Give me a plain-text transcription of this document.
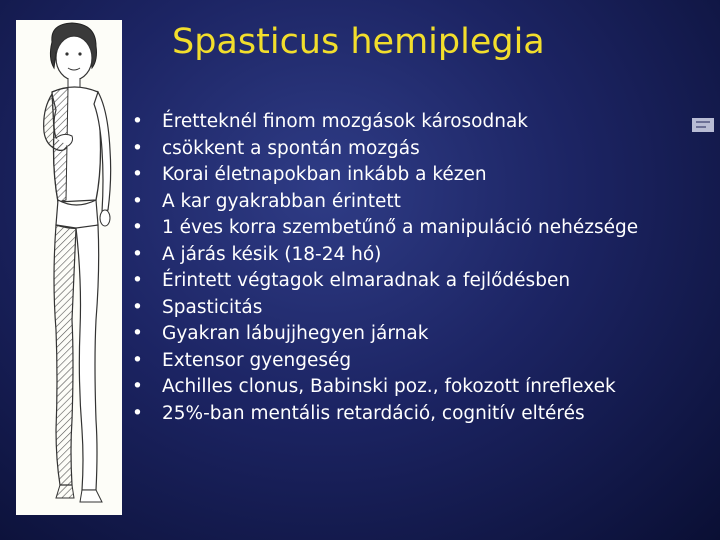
Spasticus hemiplegia
• Éretteknél finom mozgások károsodnak
• csökkent a spontán mozgás
• Korai életnapokban inkább a kézen
• A kar gyakrabban érintett
• 1 éves korra szembetűnő a manipuláció nehézsége
• A járás késik (18-24 hó)
• Érintett végtagok elmaradnak a fejlődésben
• Spasticitás
• Gyakran lábujjhegyen járnak
• Extensor gyengeség
• Achilles clonus, Babinski poz., fokozott ínreflexek
• 25%-ban mentális retardáció, cognitív eltérés
